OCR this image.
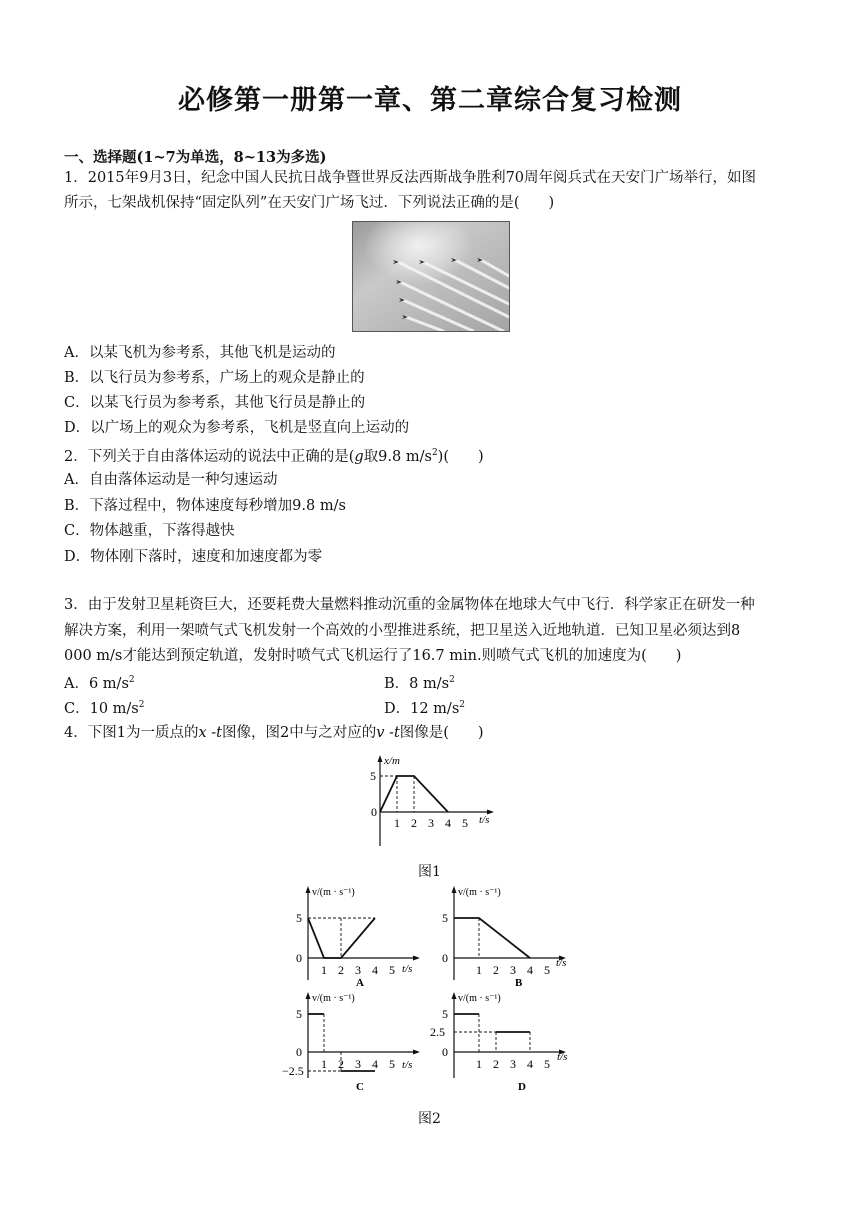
必修第一册第一章、第二章综合复习检测
一、选择题(1~7为单选，8~13为多选)
1．2015年9月3日，纪念中国人民抗日战争暨世界反法西斯战争胜利70周年阅兵式在天安门广场举行，如图
所示，七架战机保持“固定队列”在天安门广场飞过．下列说法正确的是(　　)
A．以某飞机为参考系，其他飞机是运动的
B．以飞行员为参考系，广场上的观众是静止的
C．以某飞行员为参考系，其他飞行员是静止的
D．以广场上的观众为参考系，飞机是竖直向上运动的
2．下列关于自由落体运动的说法中正确的是(g取9.8 $m/s^2$)(　　)
A．自由落体运动是一种匀速运动
B．下落过程中，物体速度每秒增加9.8 m/s
C．物体越重，下落得越快
D．物体刚下落时，速度和加速度都为零
3．由于发射卫星耗资巨大，还要耗费大量燃料推动沉重的金属物体在地球大气中飞行．科学家正在研发一种
解决方案，利用一架喷气式飞机发射一个高效的小型推进系统，把卫星送入近地轨道．已知卫星必须达到8
000 m/s才能达到预定轨道，发射时喷气式飞机运行了16.7 min.则喷气式飞机的加速度为(　　)
A．6 $m/s^2$	B．8 $m/s^2$
C．10 $m/s^2$	D．12 $m/s^2$
4．下图1为一质点的x -t图像，图2中与之对应的v -t图像是(　　)
x/m
5
0
1 2 3 4 5 t/s
图1
v/(m · s⁻¹)
5
0
1 2 3 4 5 t/s
A
v/(m · s⁻¹)
5
0
1 2 3 4 5 t/s
B
v/(m · s⁻¹)
5
0
−2.5 1 2 3 4 5 t/s
C
v/(m · s⁻¹)
5
2.5
0
1 2 3 4 5 t/s
D
图2
